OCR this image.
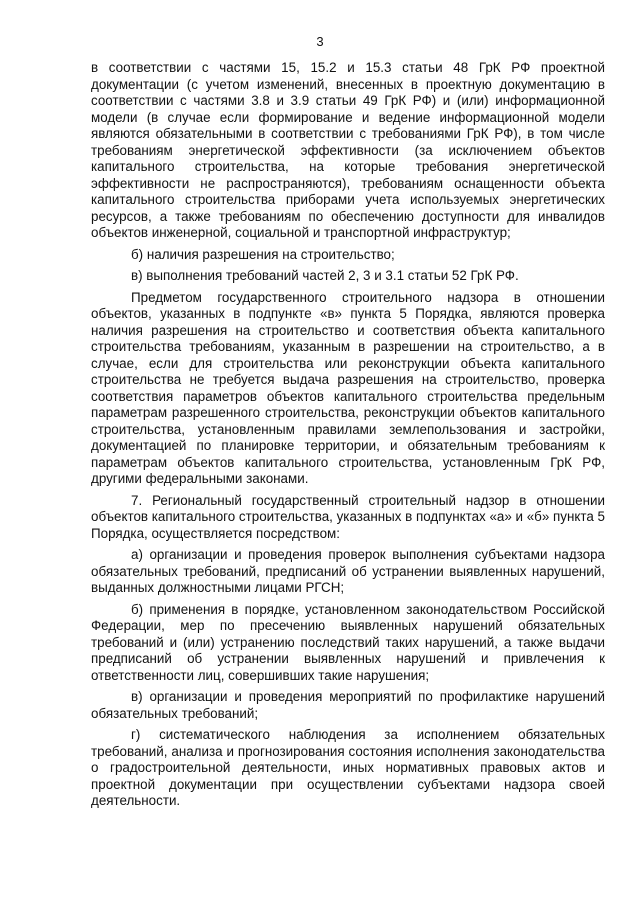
3

в соответствии с частями 15, 15.2 и 15.3 статьи 48 ГрК РФ проектной документации (с учетом изменений, внесенных в проектную документацию в соответствии с частями 3.8 и 3.9 статьи 49 ГрК РФ) и (или) информационной модели (в случае если формирование и ведение информационной модели являются обязательными в соответствии с требованиями ГрК РФ), в том числе требованиям энергетической эффективности (за исключением объектов капитального строительства, на которые требования энергетической эффективности не распространяются), требованиям оснащенности объекта капитального строительства приборами учета используемых энергетических ресурсов, а также требованиям по обеспечению доступности для инвалидов объектов инженерной, социальной и транспортной инфраструктур;

б) наличия разрешения на строительство;

в) выполнения требований частей 2, 3 и 3.1 статьи 52 ГрК РФ.

Предметом государственного строительного надзора в отношении объектов, указанных в подпункте «в» пункта 5 Порядка, являются проверка наличия разрешения на строительство и соответствия объекта капитального строительства требованиям, указанным в разрешении на строительство, а в случае, если для строительства или реконструкции объекта капитального строительства не требуется выдача разрешения на строительство, проверка соответствия параметров объектов капитального строительства предельным параметрам разрешенного строительства, реконструкции объектов капитального строительства, установленным правилами землепользования и застройки, документацией по планировке территории, и обязательным требованиям к параметрам объектов капитального строительства, установленным ГрК РФ, другими федеральными законами.

7. Региональный государственный строительный надзор в отношении объектов капитального строительства, указанных в подпунктах «а» и «б» пункта 5 Порядка, осуществляется посредством:

а) организации и проведения проверок выполнения субъектами надзора обязательных требований, предписаний об устранении выявленных нарушений, выданных должностными лицами РГСН;

б) применения в порядке, установленном законодательством Российской Федерации, мер по пресечению выявленных нарушений обязательных требований и (или) устранению последствий таких нарушений, а также выдачи предписаний об устранении выявленных нарушений и привлечения к ответственности лиц, совершивших такие нарушения;

в) организации и проведения мероприятий по профилактике нарушений обязательных требований;

г) систематического наблюдения за исполнением обязательных требований, анализа и прогнозирования состояния исполнения законодательства о градостроительной деятельности, иных нормативных правовых актов и проектной документации при осуществлении субъектами надзора своей деятельности.
